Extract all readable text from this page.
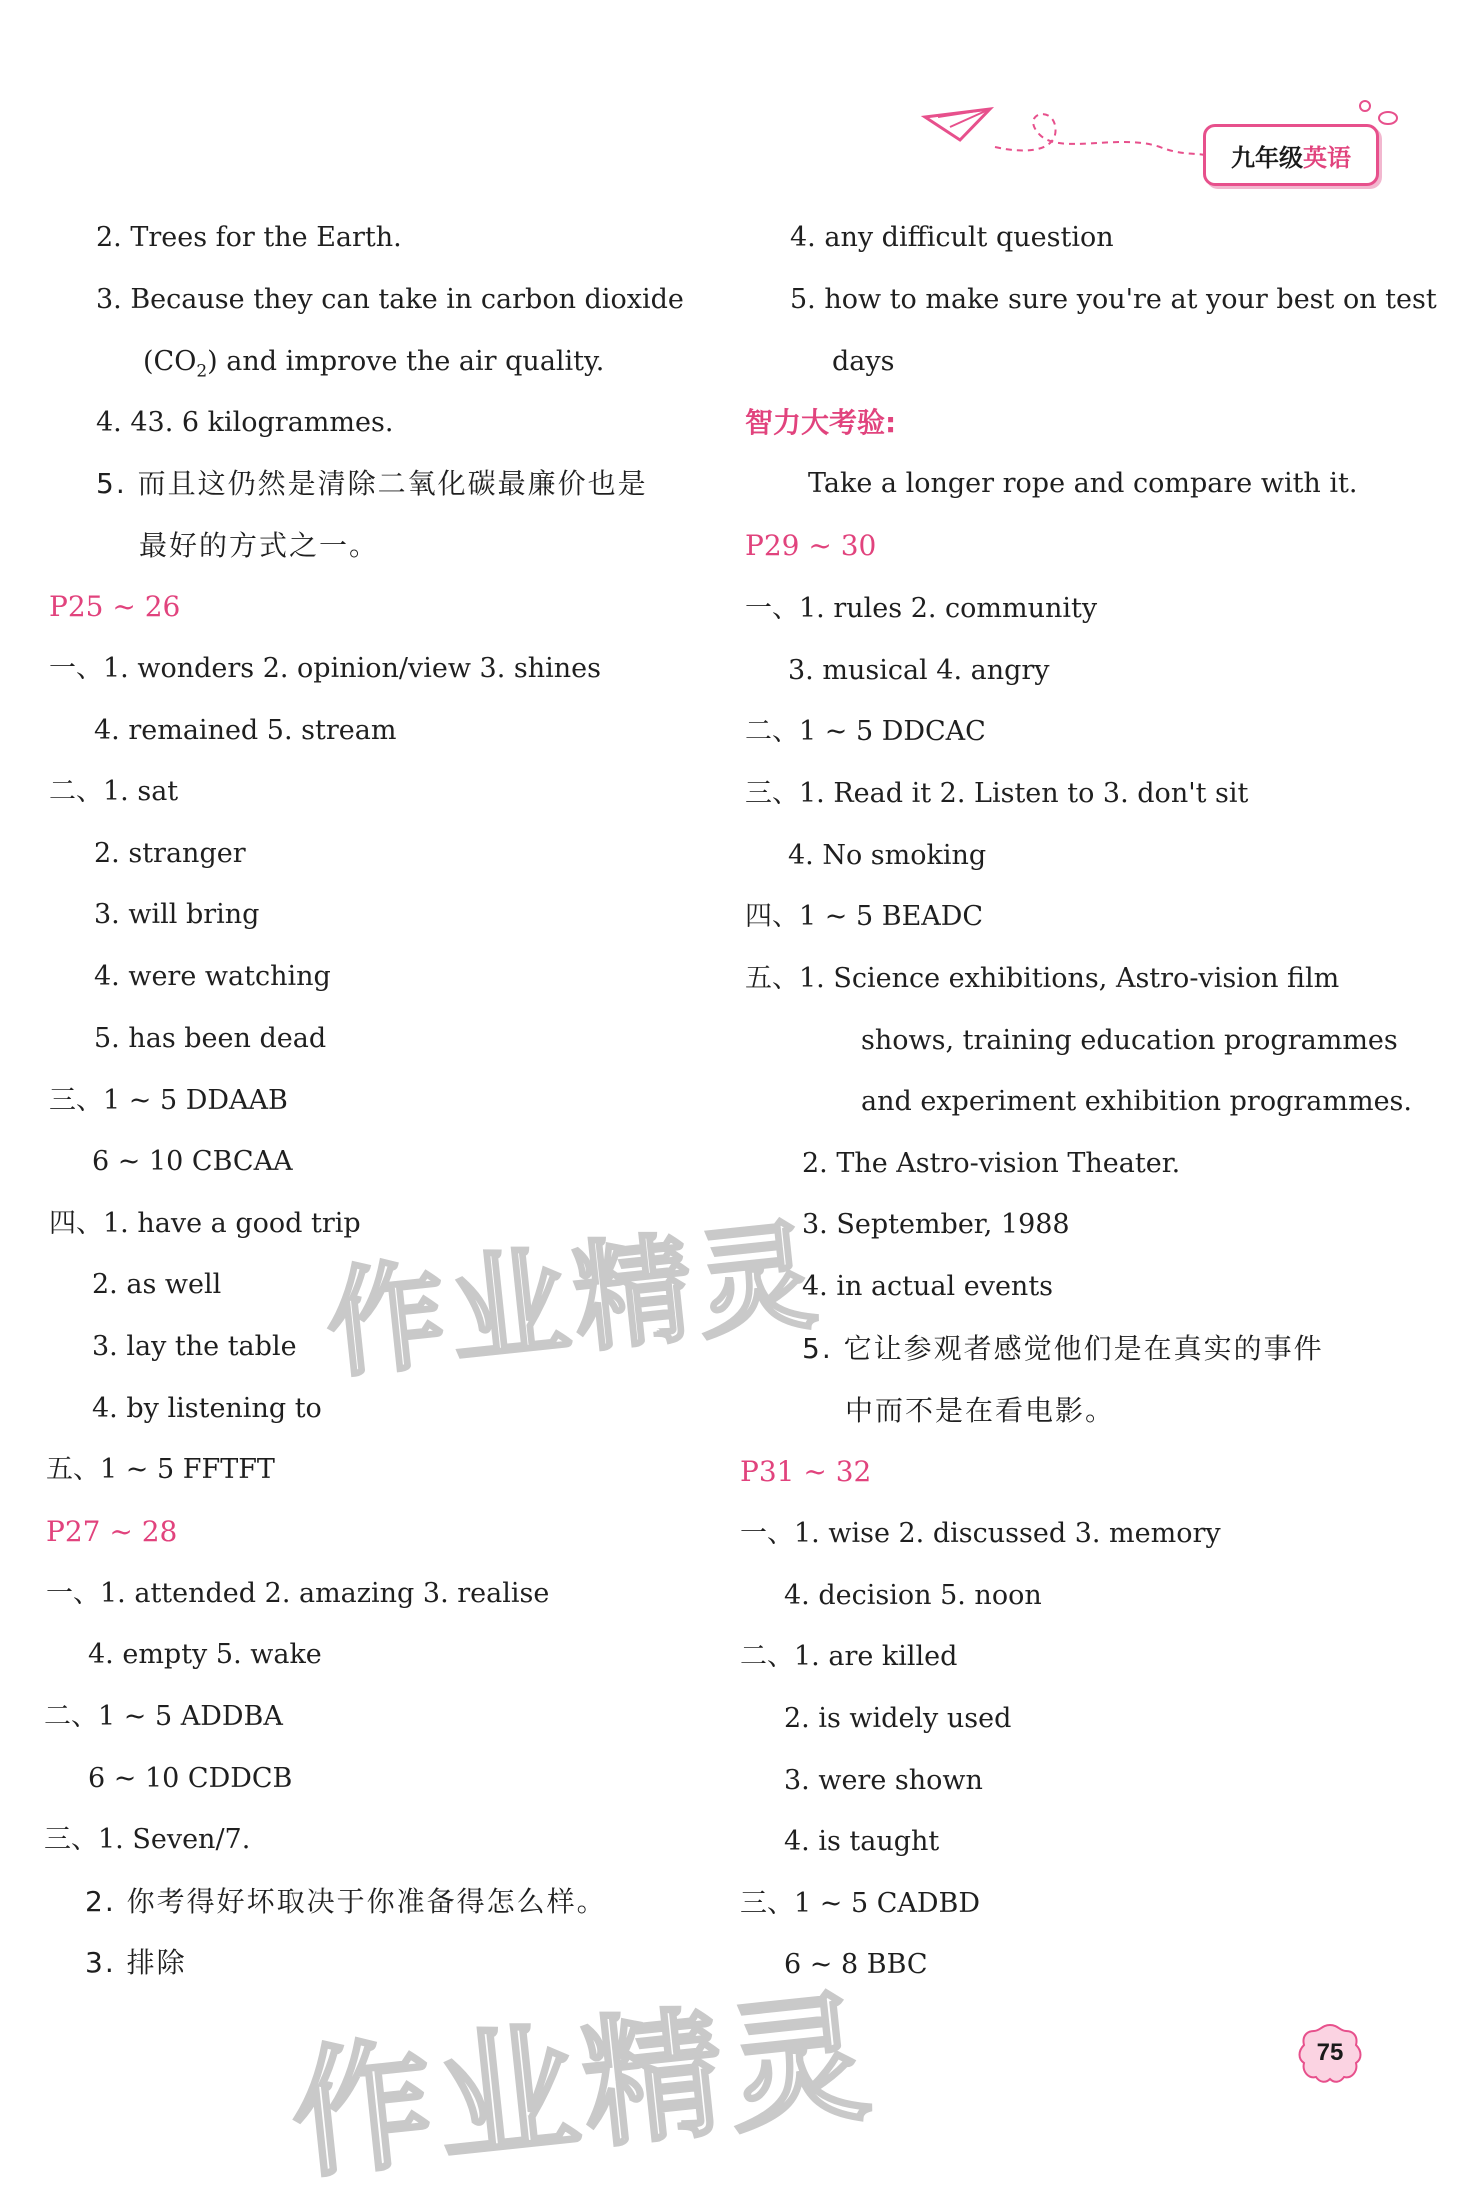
九年级 英语
作业精灵
作业精灵
2. Trees for the Earth.
3. Because they can take in carbon dioxide
$(CO_2)$ and improve the air quality.
4. 43. 6 kilogrammes.
5. 而且这仍然是清除二氧化碳最廉价也是
最好的方式之一。
P25 ~ 26
一、1. wonders 2. opinion/view 3. shines
4. remained 5. stream
二、1. sat
2. stranger
3. will bring
4. were watching
5. has been dead
三、1 ~ 5 DDAAB
6 ~ 10 CBCAA
四、1. have a good trip
2. as well
3. lay the table
4. by listening to
五、1 ~ 5 FFTFT
P27 ~ 28
一、1. attended 2. amazing 3. realise
4. empty 5. wake
二、1 ~ 5 ADDBA
6 ~ 10 CDDCB
三、1. Seven/7.
2. 你考得好坏取决于你准备得怎么样。
3. 排除
4. any difficult question
5. how to make sure you're at your best on test
days
智力大考验:
Take a longer rope and compare with it.
P29 ~ 30
一、1. rules 2. community
3. musical 4. angry
二、1 ~ 5 DDCAC
三、1. Read it 2. Listen to 3. don't sit
4. No smoking
四、1 ~ 5 BEADC
五、1. Science exhibitions, Astro-vision film
shows, training education programmes
and experiment exhibition programmes.
2. The Astro-vision Theater.
3. September, 1988
4. in actual events
5. 它让参观者感觉他们是在真实的事件
中而不是在看电影。
P31 ~ 32
一、1. wise 2. discussed 3. memory
4. decision 5. noon
二、1. are killed
2. is widely used
3. were shown
4. is taught
三、1 ~ 5 CADBD
6 ~ 8 BBC
75
